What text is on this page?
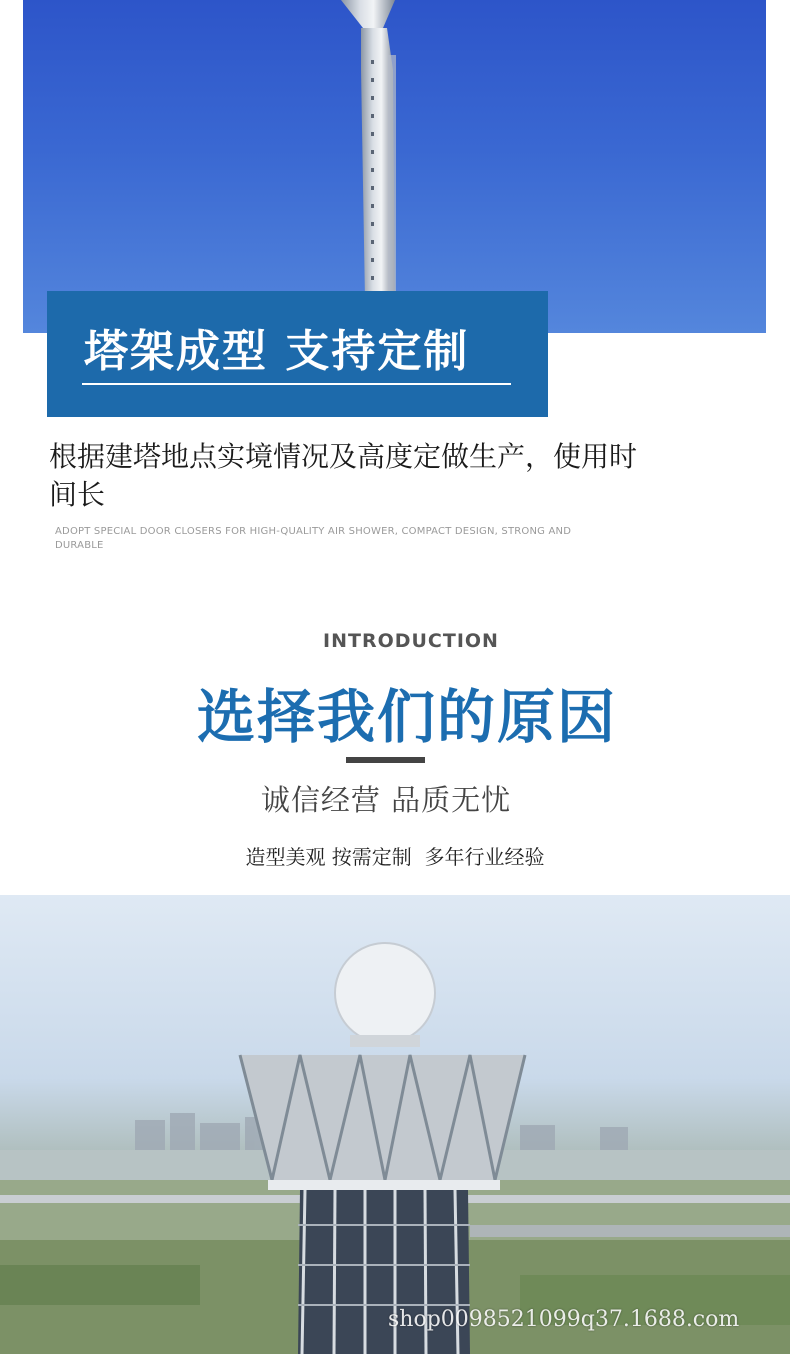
塔架成型 支持定制
根据建塔地点实境情况及高度定做生产，使用时间长
ADOPT SPECIAL DOOR CLOSERS FOR HIGH-QUALITY AIR SHOWER, COMPACT DESIGN, STRONG AND DURABLE
INTRODUCTION
选择我们的原因
诚信经营 品质无忧
造型美观 按需定制  多年行业经验
shop0098521099q37.1688.com
